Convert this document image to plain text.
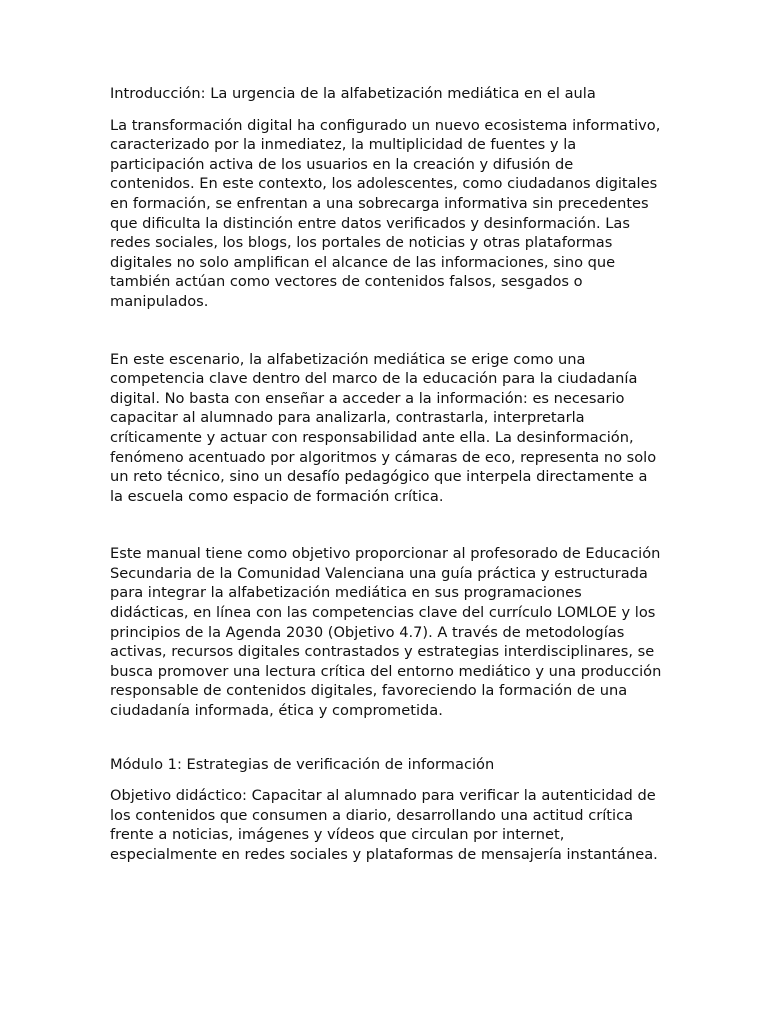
Introducción: La urgencia de la alfabetización mediática en el aula

La transformación digital ha configurado un nuevo ecosistema informativo, caracterizado por la inmediatez, la multiplicidad de fuentes y la participación activa de los usuarios en la creación y difusión de contenidos. En este contexto, los adolescentes, como ciudadanos digitales en formación, se enfrentan a una sobrecarga informativa sin precedentes que dificulta la distinción entre datos verificados y desinformación. Las redes sociales, los blogs, los portales de noticias y otras plataformas digitales no solo amplifican el alcance de las informaciones, sino que también actúan como vectores de contenidos falsos, sesgados o manipulados.

En este escenario, la alfabetización mediática se erige como una competencia clave dentro del marco de la educación para la ciudadanía digital. No basta con enseñar a acceder a la información: es necesario capacitar al alumnado para analizarla, contrastarla, interpretarla críticamente y actuar con responsabilidad ante ella. La desinformación, fenómeno acentuado por algoritmos y cámaras de eco, representa no solo un reto técnico, sino un desafío pedagógico que interpela directamente a la escuela como espacio de formación crítica.

Este manual tiene como objetivo proporcionar al profesorado de Educación Secundaria de la Comunidad Valenciana una guía práctica y estructurada para integrar la alfabetización mediática en sus programaciones didácticas, en línea con las competencias clave del currículo LOMLOE y los principios de la Agenda 2030 (Objetivo 4.7). A través de metodologías activas, recursos digitales contrastados y estrategias interdisciplinares, se busca promover una lectura crítica del entorno mediático y una producción responsable de contenidos digitales, favoreciendo la formación de una ciudadanía informada, ética y comprometida.

Módulo 1: Estrategias de verificación de información

Objetivo didáctico: Capacitar al alumnado para verificar la autenticidad de los contenidos que consumen a diario, desarrollando una actitud crítica frente a noticias, imágenes y vídeos que circulan por internet, especialmente en redes sociales y plataformas de mensajería instantánea.
